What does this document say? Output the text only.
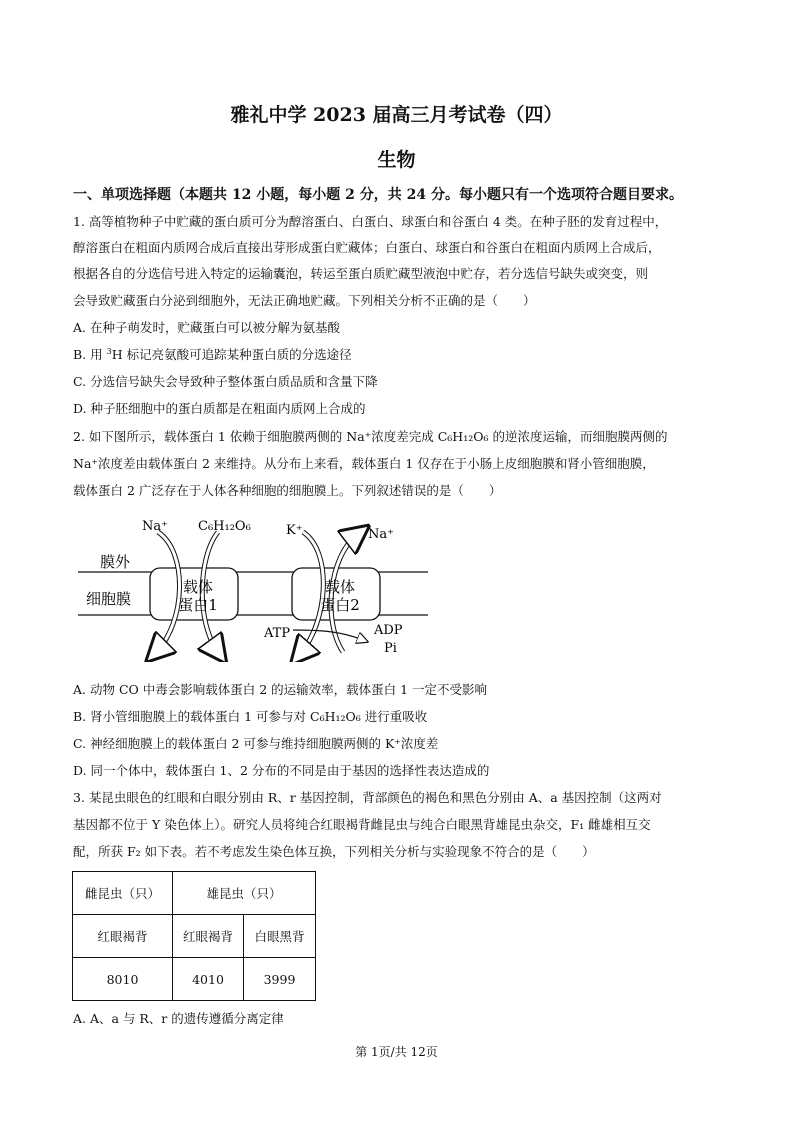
雅礼中学 2023 届高三月考试卷（四）
生物
一、单项选择题（本题共 12 小题，每小题 2 分，共 24 分。每小题只有一个选项符合题目要求。
1. 高等植物种子中贮藏的蛋白质可分为醇溶蛋白、白蛋白、球蛋白和谷蛋白 4 类。在种子胚的发育过程中，
醇溶蛋白在粗面内质网合成后直接出芽形成蛋白贮藏体；白蛋白、球蛋白和谷蛋白在粗面内质网上合成后，
根据各自的分选信号进入特定的运输囊泡，转运至蛋白质贮藏型液泡中贮存，若分选信号缺失或突变，则
会导致贮藏蛋白分泌到细胞外，无法正确地贮藏。下列相关分析不正确的是（　　）
A. 在种子萌发时，贮藏蛋白可以被分解为氨基酸
B. 用 $^3$H 标记亮氨酸可追踪某种蛋白质的分选途径
C. 分选信号缺失会导致种子整体蛋白质品质和含量下降
D. 种子胚细胞中的蛋白质都是在粗面内质网上合成的
2. 如下图所示，载体蛋白 1 依赖于细胞膜两侧的 Na⁺浓度差完成 C₆H₁₂O₆ 的逆浓度运输，而细胞膜两侧的
Na⁺浓度差由载体蛋白 2 来维持。从分布上来看，载体蛋白 1 仅存在于小肠上皮细胞膜和肾小管细胞膜，
载体蛋白 2 广泛存在于人体各种细胞的细胞膜上。下列叙述错误的是（　　）
Na⁺ C₆H₁₂O₆	K⁺	Na⁺
膜外
细胞膜
载体
蛋白1
载体
蛋白2
ATP	ADP
Pi
A. 动物 CO 中毒会影响载体蛋白 2 的运输效率，载体蛋白 1 一定不受影响
B. 肾小管细胞膜上的载体蛋白 1 可参与对 C₆H₁₂O₆ 进行重吸收
C. 神经细胞膜上的载体蛋白 2 可参与维持细胞膜两侧的 K⁺浓度差
D. 同一个体中，载体蛋白 1、2 分布的不同是由于基因的选择性表达造成的
3. 某昆虫眼色的红眼和白眼分别由 R、r 基因控制，背部颜色的褐色和黑色分别由 A、a 基因控制（这两对
基因都不位于 Y 染色体上）。研究人员将纯合红眼褐背雌昆虫与纯合白眼黑背雄昆虫杂交，F₁ 雌雄相互交
配，所获 F₂ 如下表。若不考虑发生染色体互换，下列相关分析与实验现象不符合的是（　　）
雌昆虫（只）	雄昆虫（只）	
红眼褐背	红眼褐背	白眼黑背
8010	4010	3999
A. A、a 与 R、r 的遗传遵循分离定律
第 1页/共 12页
